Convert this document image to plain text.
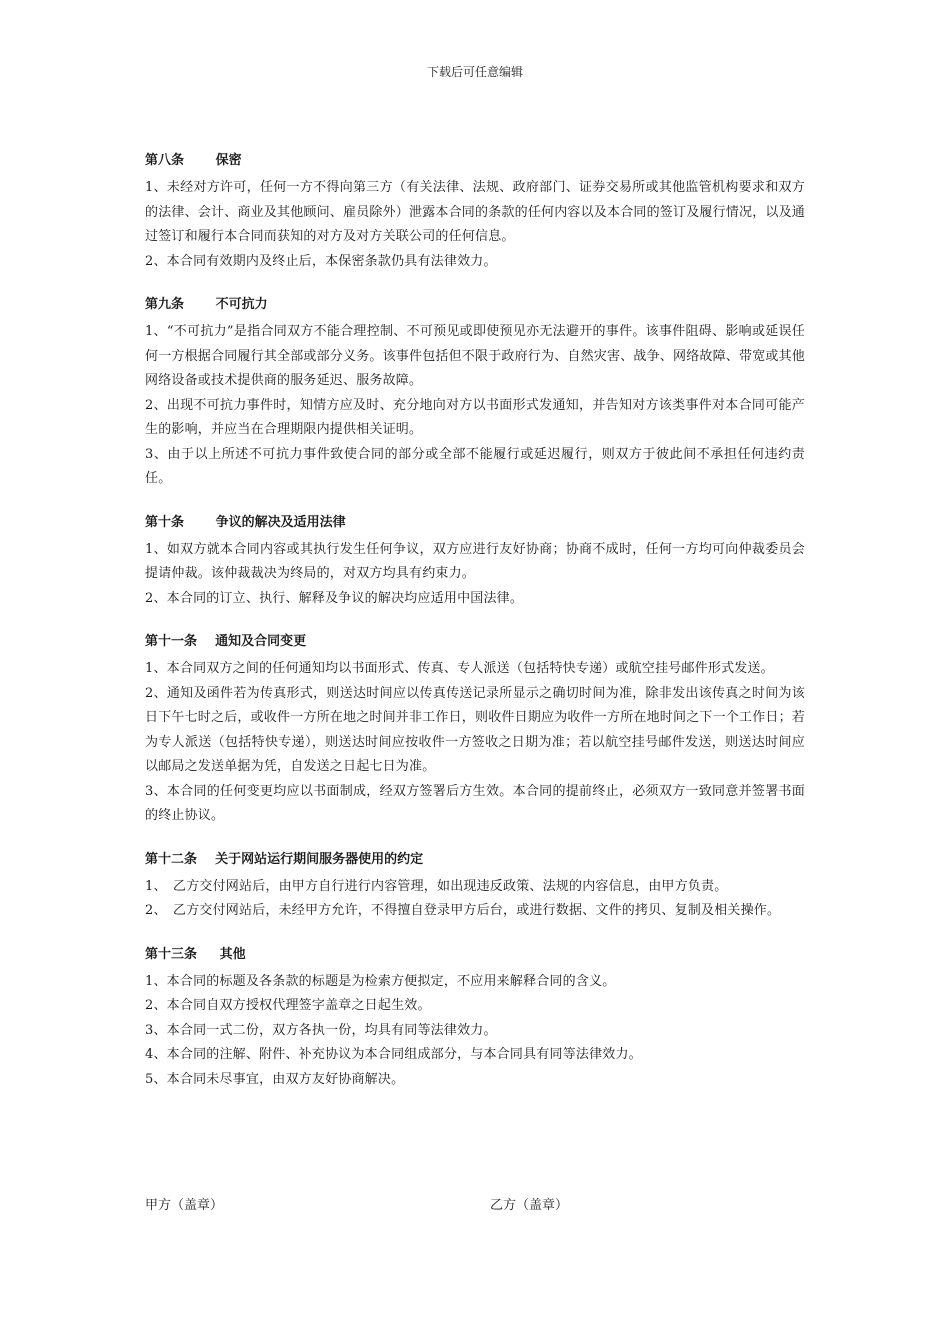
下载后可任意编辑
第八条       保密

1、未经对方许可，任何一方不得向第三方（有关法律、法规、政府部门、证券交易所或其他监管机构要求和双方的法律、会计、商业及其他顾问、雇员除外）泄露本合同的条款的任何内容以及本合同的签订及履行情况，以及通过签订和履行本合同而获知的对方及对方关联公司的任何信息。

2、本合同有效期内及终止后，本保密条款仍具有法律效力。

第九条       不可抗力

1、“不可抗力”是指合同双方不能合理控制、不可预见或即使预见亦无法避开的事件。该事件阻碍、影响或延误任何一方根据合同履行其全部或部分义务。该事件包括但不限于政府行为、自然灾害、战争、网络故障、带宽或其他网络设备或技术提供商的服务延迟、服务故障。

2、出现不可抗力事件时，知情方应及时、充分地向对方以书面形式发通知，并告知对方该类事件对本合同可能产生的影响，并应当在合理期限内提供相关证明。

3、由于以上所述不可抗力事件致使合同的部分或全部不能履行或延迟履行，则双方于彼此间不承担任何违约责任。

第十条       争议的解决及适用法律

1、如双方就本合同内容或其执行发生任何争议，双方应进行友好协商；协商不成时，任何一方均可向仲裁委员会提请仲裁。该仲裁裁决为终局的，对双方均具有约束力。

2、本合同的订立、执行、解释及争议的解决均应适用中国法律。

第十一条    通知及合同变更

1、本合同双方之间的任何通知均以书面形式、传真、专人派送（包括特快专递）或航空挂号邮件形式发送。

2、通知及函件若为传真形式，则送达时间应以传真传送记录所显示之确切时间为准，除非发出该传真之时间为该日下午七时之后，或收件一方所在地之时间并非工作日，则收件日期应为收件一方所在地时间之下一个工作日；若为专人派送（包括特快专递），则送达时间应按收件一方签收之日期为准；若以航空挂号邮件发送，则送达时间应以邮局之发送单据为凭，自发送之日起七日为准。

3、本合同的任何变更均应以书面制成，经双方签署后方生效。本合同的提前终止，必须双方一致同意并签署书面的终止协议。

第十二条    关于网站运行期间服务器使用的约定
1、 乙方交付网站后，由甲方自行进行内容管理，如出现违反政策、法规的内容信息，由甲方负责。
2、 乙方交付网站后，未经甲方允许，不得擅自登录甲方后台，或进行数据、文件的拷贝、复制及相关操作。
第十三条     其他

1、本合同的标题及各条款的标题是为检索方便拟定，不应用来解释合同的含义。

2、本合同自双方授权代理签字盖章之日起生效。

3、本合同一式二份，双方各执一份，均具有同等法律效力。

4、本合同的注解、附件、补充协议为本合同组成部分，与本合同具有同等法律效力。

5、本合同未尽事宜，由双方友好协商解决。

甲方（盖章）	乙方（盖章）
